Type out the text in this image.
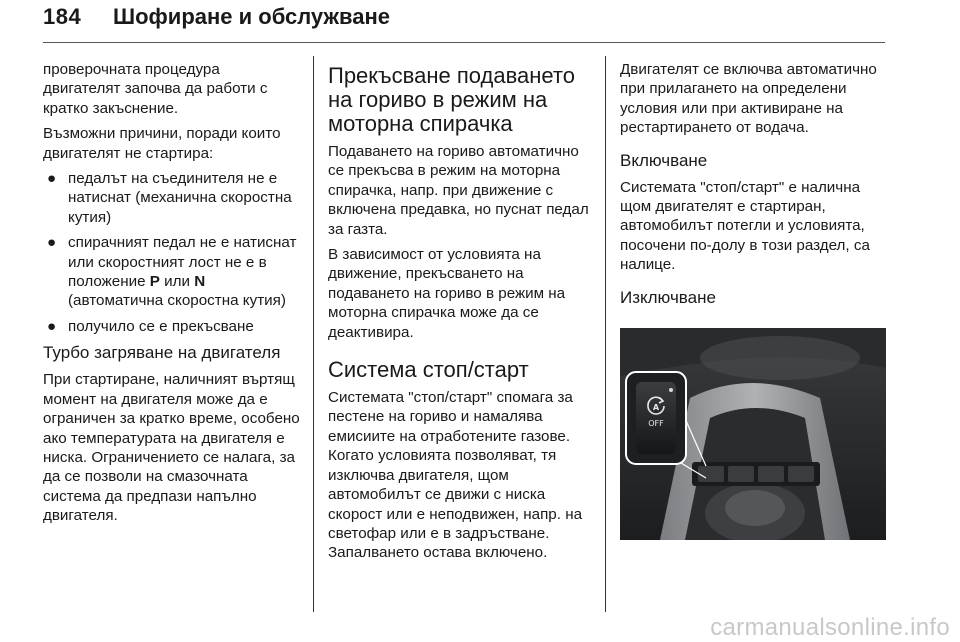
184 Шофиране и обслужване

проверочната процедура двигателят започва да работи с кратко закъснение.

Възможни причини, поради които двигателят не стартира:

● педалът на съединителя не е натиснат (механична скоростна кутия)
● спирачният педал не е натиснат или скоростният лост не е в положение P или N (автоматична скоростна кутия)
● получило се е прекъсване
Турбо загряване на двигателя

При стартиране, наличният въртящ момент на двигателя може да е ограничен за кратко време, особено ако температурата на двигателя е ниска. Ограничението се налага, за да се позволи на смазочната система да предпази напълно двигателя.

Прекъсване подаването на гориво в режим на моторна спирачка

Подаването на гориво автоматично се прекъсва в режим на моторна спирачка, напр. при движение с включена предавка, но пуснат педал за газта.

В зависимост от условията на движение, прекъсването на подаването на гориво в режим на моторна спирачка може да се деактивира.

Система стоп/старт

Системата "стоп/старт" спомага за пестене на гориво и намалява емисиите на отработените газове. Когато условията позволяват, тя изключва двигателя, щом автомобилът се движи с ниска скорост или е неподвижен, напр. на светофар или е в задръстване. Запалването остава включено.

Двигателят се включва автоматично при прилагането на определени условия или при активиране на рестартирането от водача.

Включване

Системата "стоп/старт" е налична щом двигателят е стартиран, автомобилът потегли и условията, посочени по-долу в този раздел, са налице.

Изключване
A
OFF
carmanualsonline.info
